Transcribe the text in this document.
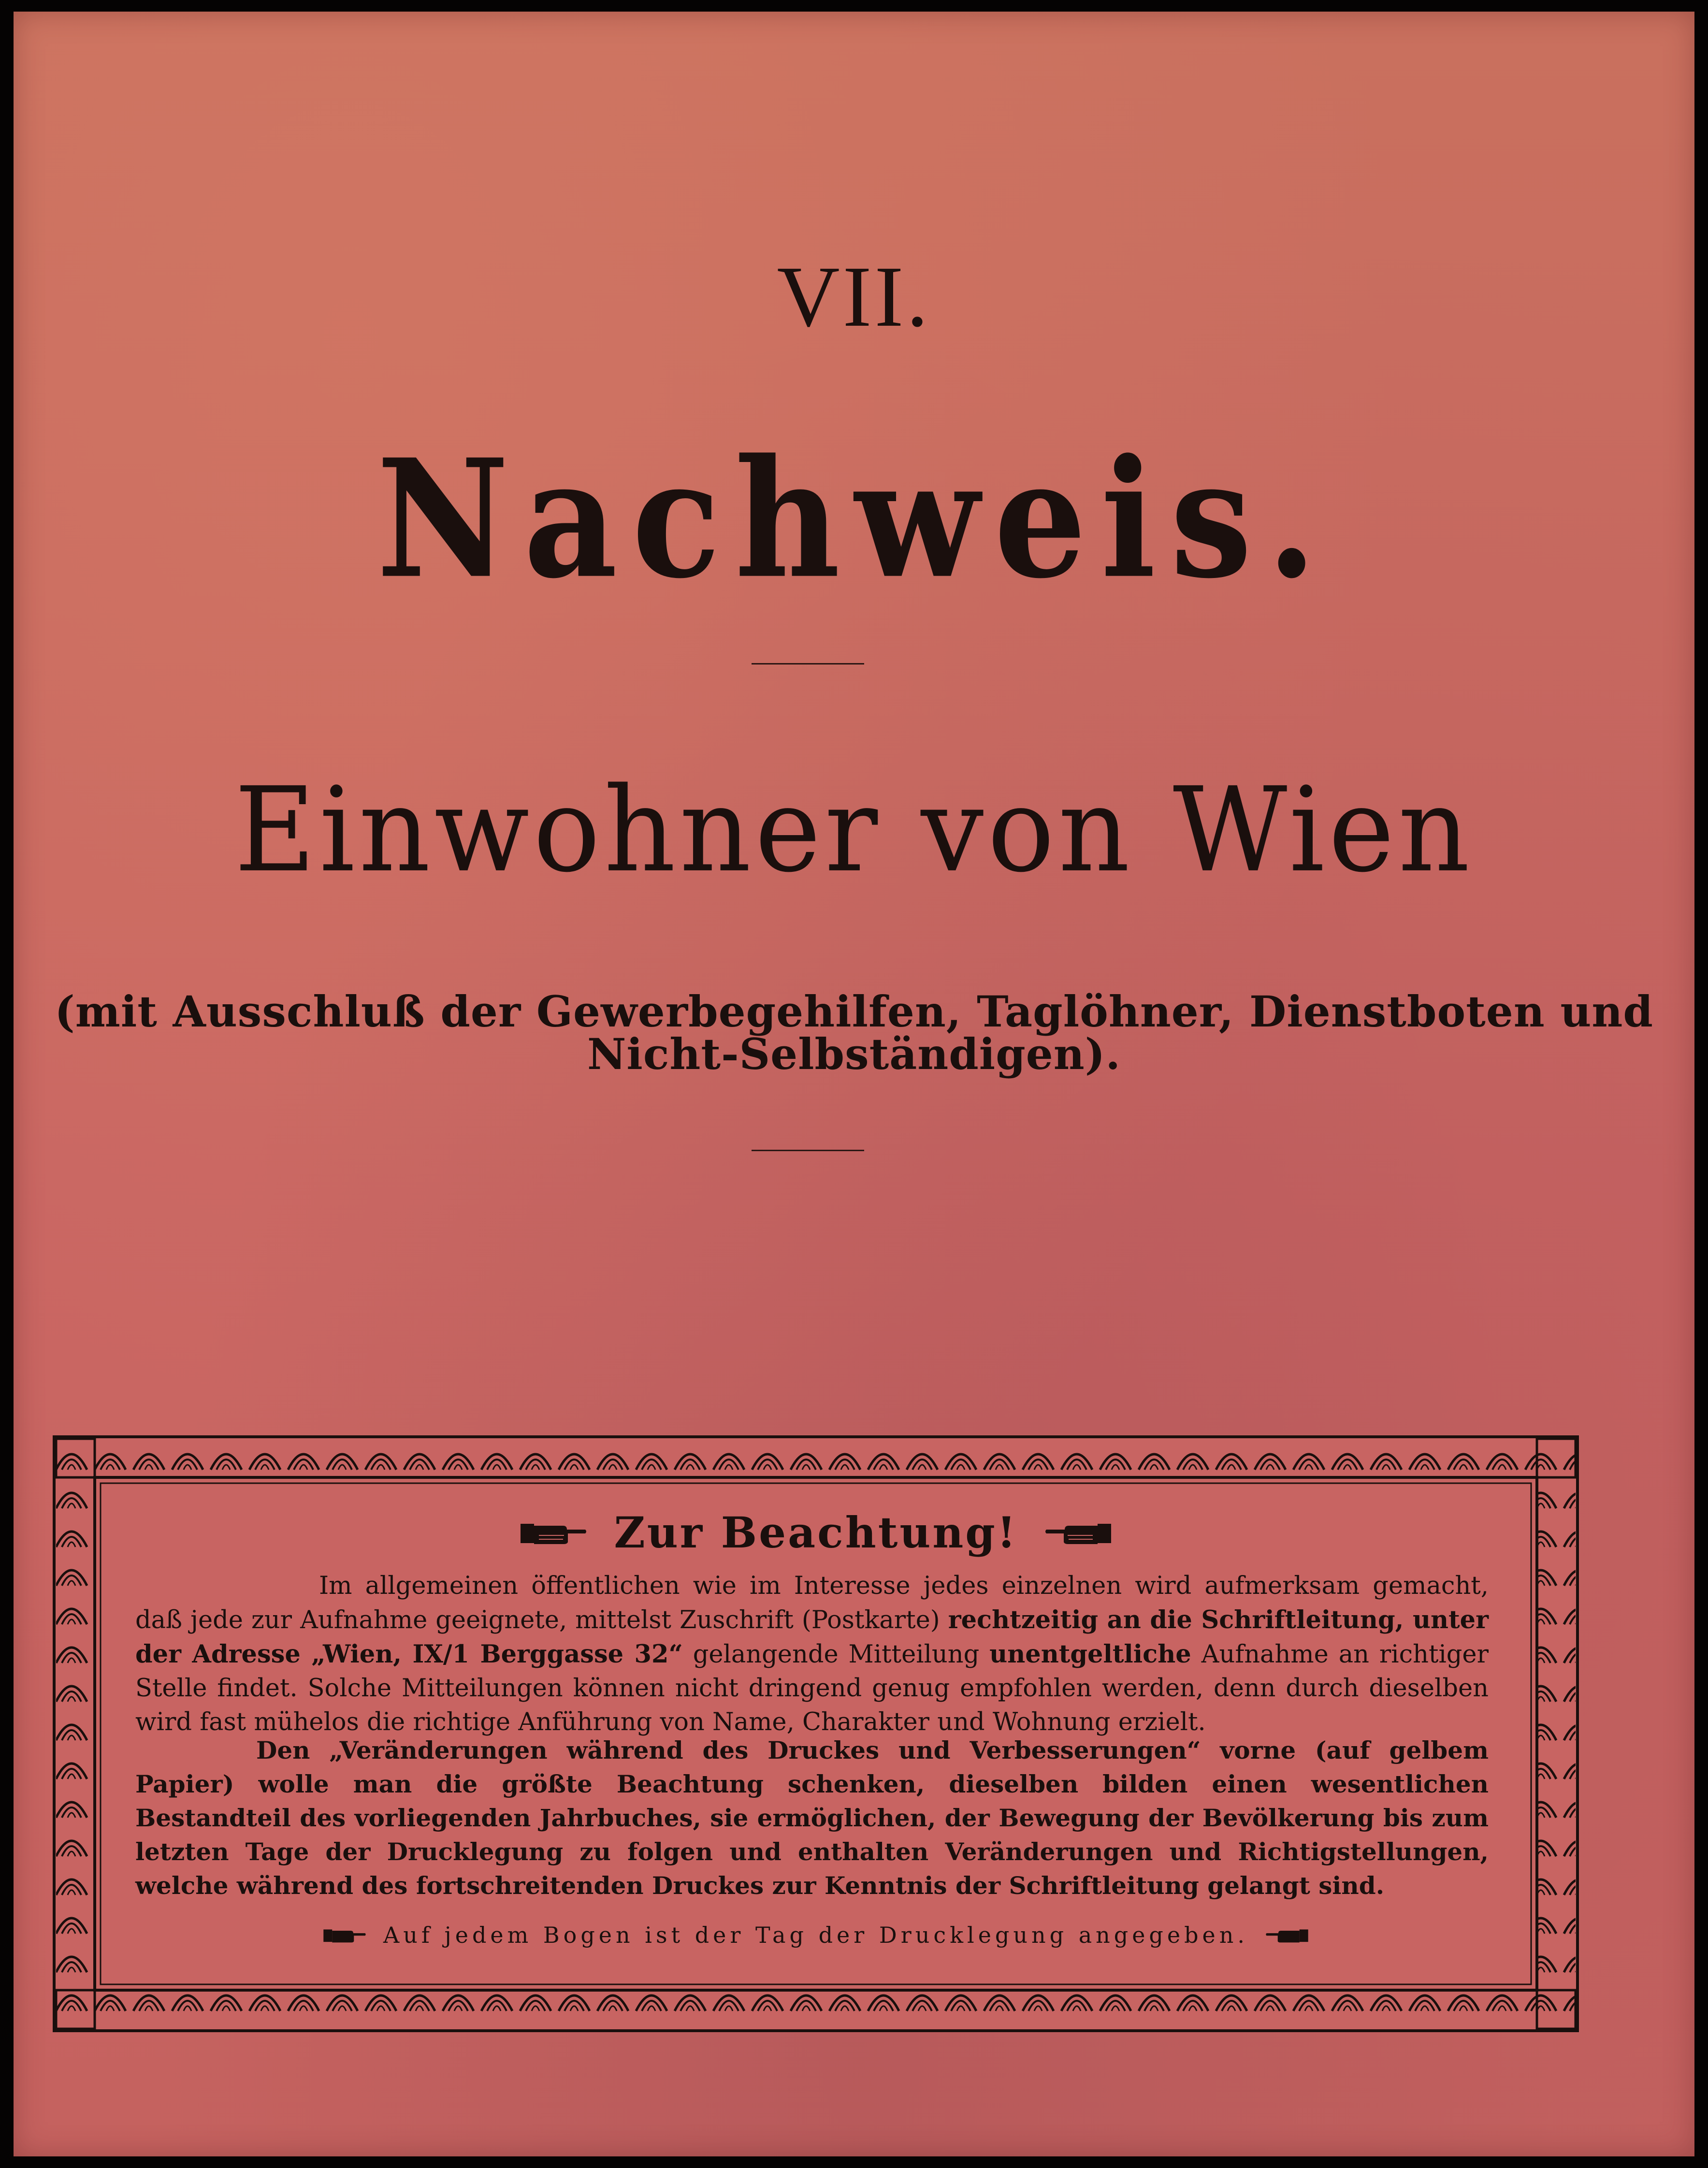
VII.
Nachweis.
Einwohner von Wien
(mit Ausschluß der Gewerbegehilfen, Taglöhner, Dienstboten und Nicht-Selbständigen).
Zur Beachtung!

Im allgemeinen öffentlichen wie im Interesse jedes einzelnen wird aufmerksam gemacht, daß jede zur Aufnahme geeignete, mittelst Zuschrift (Postkarte) rechtzeitig an die Schriftleitung, unter der Adresse „Wien, IX/1 Berggasse 32“ gelangende Mitteilung unentgeltliche Aufnahme an richtiger Stelle findet. Solche Mitteilungen können nicht dringend genug empfohlen werden, denn durch dieselben wird fast mühelos die richtige Anführung von Name, Charakter und Wohnung erzielt.

Den „Veränderungen während des Druckes und Verbesserungen“ vorne (auf gelbem Papier) wolle man die größte Beachtung schenken, dieselben bilden einen wesentlichen Bestandteil des vorliegenden Jahrbuches, sie ermöglichen, der Bewegung der Bevölkerung bis zum letzten Tage der Drucklegung zu folgen und enthalten Veränderungen und Richtigstellungen, welche während des fortschreitenden Druckes zur Kenntnis der Schriftleitung gelangt sind.

Auf jedem Bogen ist der Tag der Drucklegung angegeben.
